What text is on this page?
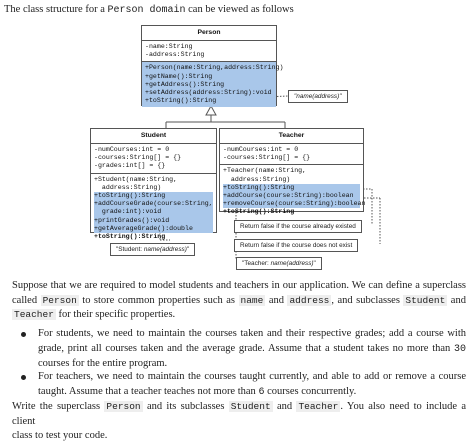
The class structure for a Person domain can be viewed as follows
Person
-name:String
-address:String
+Person(name:String,address:String)
+getName():String
+getAddress():String
+setAddress(address:String):void
+toString():String
"name(address)"
Student
-numCourses:int = 0
-courses:String[] = {}
-grades:int[] = {}
+Student(name:String,
address:String)
+toString():String
+addCourseGrade(course:String,
grade:int):void
+printGrades():void
+getAverageGrade():double
+toString():String
"Student: name(address)"
Teacher
-numCourses:int = 0
-courses:String[] = {}
+Teacher(name:String,
address:String)
+toString():String
+addCourse(course:String):boolean
+removeCourse(course:String):boolean
+toString():String
Return false if the course already existed
Return false if the course does not exist
"Teacher: name(address)"
Suppose that we are required to model students and teachers in our application. We can define a superclass
called Person to store common properties such as name and address , and subclasses Student and
Teacher for their specific properties.
For students, we need to maintain the courses taken and their respective grades; add a course with grade, print all courses taken and the average grade. Assume that a student takes no more than 30 courses for the entire program.
For teachers, we need to maintain the courses taught currently, and able to add or remove a course taught. Assume that a teacher teaches not more than 6 courses concurrently.
Write the superclass Person and its subclasses Student and Teacher . You also need to include a client
class to test your code.
